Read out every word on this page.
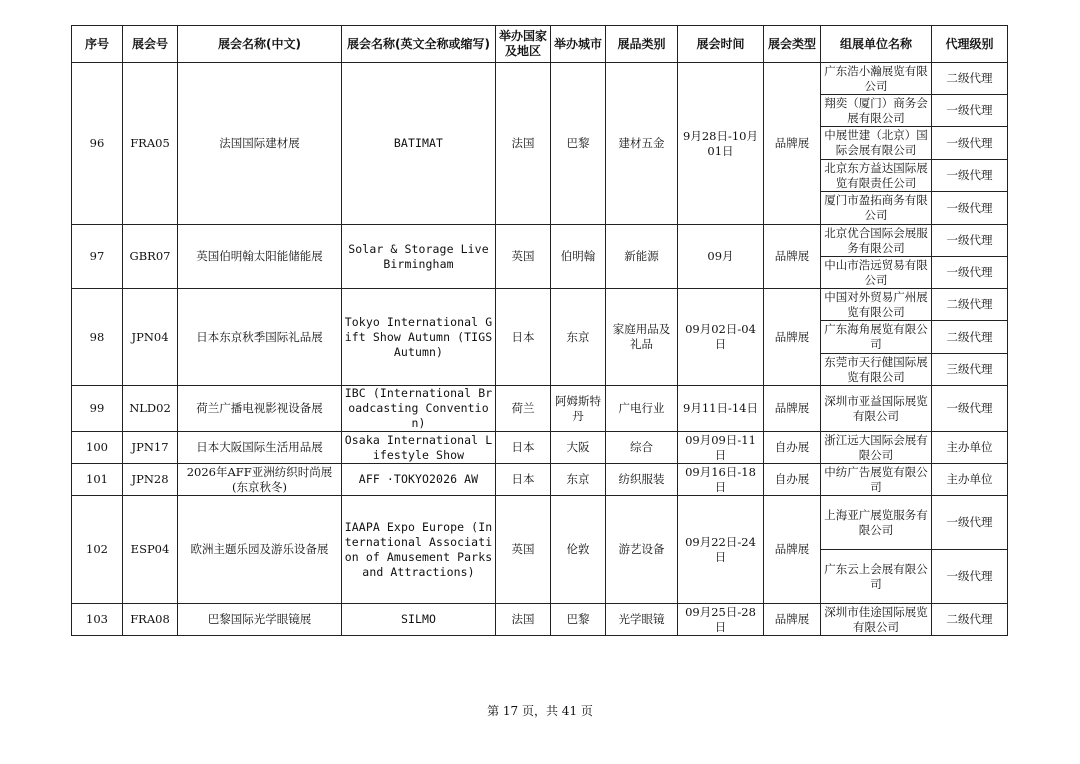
序号	展会号	展会名称(中文)	展会名称(英文全称或缩写)	举办国家及地区	举办城市	展品类别	展会时间	展会类型	组展单位名称	代理级别
96	FRA05	法国国际建材展	BATIMAT	法国	巴黎	建材五金	9月28日-10月01日	品牌展	广东浩小瀚展览有限公司	二级代理
									翔奕（厦门）商务会展有限公司	一级代理
									中展世建（北京）国际会展有限公司	一级代理
									北京东方益达国际展览有限责任公司	一级代理
									厦门市盈拓商务有限公司	一级代理
97	GBR07	英国伯明翰太阳能储能展	Solar & Storage Live Birmingham	英国	伯明翰	新能源	09月	品牌展	北京优合国际会展服务有限公司	一级代理
									中山市浩远贸易有限公司	一级代理
98	JPN04	日本东京秋季国际礼品展	Tokyo International Gift Show Autumn (TIGS Autumn)	日本	东京	家庭用品及礼品	09月02日-04日	品牌展	中国对外贸易广州展览有限公司	二级代理
									广东海角展览有限公司	二级代理
									东莞市天行健国际展览有限公司	三级代理
99	NLD02	荷兰广播电视影视设备展	IBC (International Broadcasting Convention)	荷兰	阿姆斯特丹	广电行业	9月11日-14日	品牌展	深圳市亚益国际展览有限公司	一级代理
100	JPN17	日本大阪国际生活用品展	Osaka International Lifestyle Show	日本	大阪	综合	09月09日-11日	自办展	浙江远大国际会展有限公司	主办单位
101	JPN28	2026年AFF亚洲纺织时尚展(东京秋冬)	AFF ·TOKYO2026 AW	日本	东京	纺织服装	09月16日-18日	自办展	中纺广告展览有限公司	主办单位
102	ESP04	欧洲主题乐园及游乐设备展	IAAPA Expo Europe (International Association of Amusement Parks and Attractions)	英国	伦敦	游艺设备	09月22日-24日	品牌展	上海亚广展览服务有限公司	一级代理
									广东云上会展有限公司	一级代理
103	FRA08	巴黎国际光学眼镜展	SILMO	法国	巴黎	光学眼镜	09月25日-28日	品牌展	深圳市佳途国际展览有限公司	二级代理
第 17 页，共 41 页
